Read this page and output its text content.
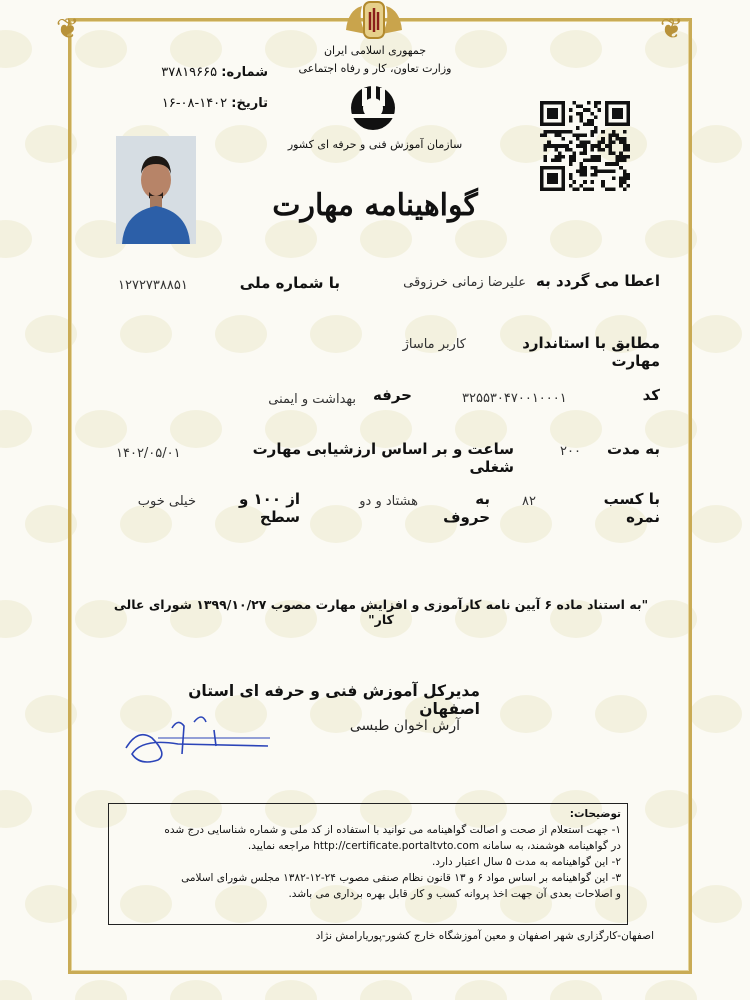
❦	❦
جمهوری اسلامی ایران
وزارت تعاون، کار و رفاه اجتماعی
سازمان آموزش فنی و حرفه ای کشور
شماره: ۳۷۸۱۹۶۶۵
تاریخ: ۱۴۰۲-۰۸-۱۶
گواهینامه مهارت
اعطا می گردد به
علیرضا زمانی خرزوقی
با شماره ملی
۱۲۷۲۷۳۸۸۵۱
مطابق با استاندارد مهارت
کاربر ماساژ
کد
۳۲۵۵۳۰۴۷۰۰۱۰۰۰۱
حرفه
بهداشت و ایمنی
به مدت
۲۰۰
ساعت و بر اساس ارزشیابی مهارت شغلی
۱۴۰۲/۰۵/۰۱
با کسب نمره
۸۲
به حروف
هشتاد و دو
از ۱۰۰ و سطح
خیلی خوب
"به استناد ماده ۶ آیین نامه کارآموزی و افزایش مهارت مصوب ۱۳۹۹/۱۰/۲۷ شورای عالی کار"
مدیرکل آموزش فنی و حرفه ای استان اصفهان
آرش اخوان طبسی
توضیحات:
۱- جهت استعلام از صحت و اصالت گواهینامه می توانید با استفاده از کد ملی و شماره شناسایی درج شده
در گواهینامه هوشمند، به سامانه http://certificate.portaltvto.com مراجعه نمایید.
۲- این گواهینامه به مدت ۵ سال اعتبار دارد.
۳- این گواهینامه بر اساس مواد ۶ و ۱۳ قانون نظام صنفی مصوب ۲۴-۱۲-۱۳۸۲ مجلس شورای اسلامی
و اصلاحات بعدی آن جهت اخذ پروانه کسب و کار قابل بهره برداری می باشد.
اصفهان-کارگزاری شهر اصفهان و معین آموزشگاه خارج کشور-پوریارامش نژاد
